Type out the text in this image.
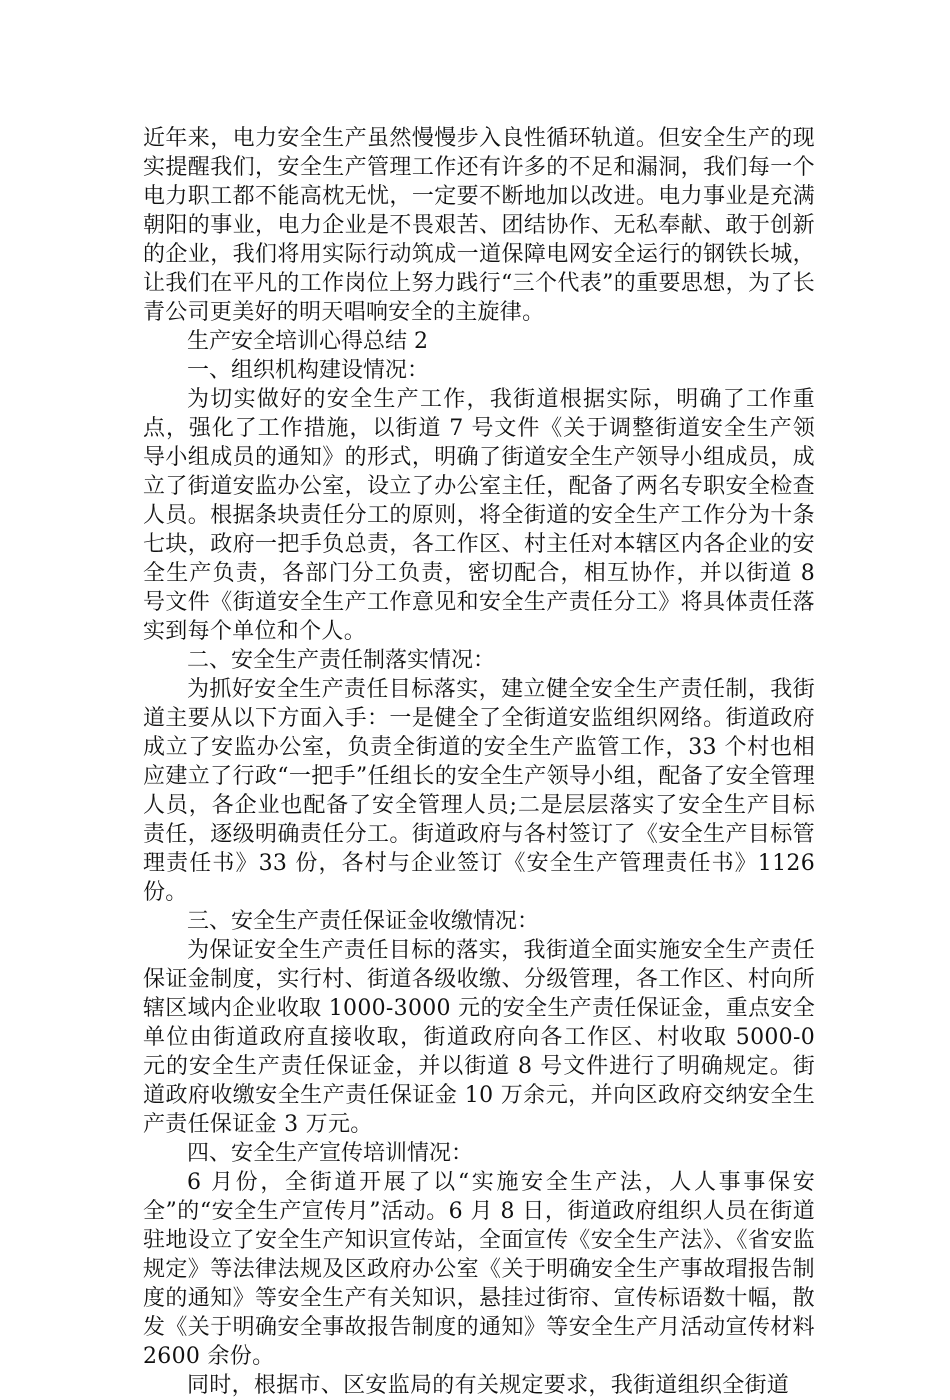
近年来，电力安全生产虽然慢慢步入良性循环轨道。但安全生产的现实提醒我们，安全生产管理工作还有许多的不足和漏洞，我们每一个电力职工都不能高枕无忧，一定要不断地加以改进。电力事业是充满朝阳的事业，电力企业是不畏艰苦、团结协作、无私奉献、敢于创新的企业，我们将用实际行动筑成一道保障电网安全运行的钢铁长城，让我们在平凡的工作岗位上努力践行“三个代表”的重要思想，为了长青公司更美好的明天唱响安全的主旋律。

生产安全培训心得总结 2

一、组织机构建设情况：

为切实做好的安全生产工作，我街道根据实际，明确了工作重点，强化了工作措施，以街道 7 号文件《关于调整街道安全生产领导小组成员的通知》的形式，明确了街道安全生产领导小组成员，成立了街道安监办公室，设立了办公室主任，配备了两名专职安全检查人员。根据条块责任分工的原则，将全街道的安全生产工作分为十条七块，政府一把手负总责，各工作区、村主任对本辖区内各企业的安全生产负责，各部门分工负责，密切配合，相互协作，并以街道 8 号文件《街道安全生产工作意见和安全生产责任分工》将具体责任落实到每个单位和个人。

二、安全生产责任制落实情况：

为抓好安全生产责任目标落实，建立健全安全生产责任制，我街道主要从以下方面入手：一是健全了全街道安监组织网络。街道政府成立了安监办公室，负责全街道的安全生产监管工作，33 个村也相应建立了行政“一把手”任组长的安全生产领导小组，配备了安全管理人员，各企业也配备了安全管理人员;二是层层落实了安全生产目标责任，逐级明确责任分工。街道政府与各村签订了《安全生产目标管理责任书》33 份，各村与企业签订《安全生产管理责任书》1126 份。

三、安全生产责任保证金收缴情况：

为保证安全生产责任目标的落实，我街道全面实施安全生产责任保证金制度，实行村、街道各级收缴、分级管理，各工作区、村向所辖区域内企业收取 1000-3000 元的安全生产责任保证金，重点安全单位由街道政府直接收取，街道政府向各工作区、村收取 5000-0 元的安全生产责任保证金，并以街道 8 号文件进行了明确规定。街道政府收缴安全生产责任保证金 10 万余元，并向区政府交纳安全生产责任保证金 3 万元。

四、安全生产宣传培训情况：

6 月份，全街道开展了以“实施安全生产法，人人事事保安全”的“安全生产宣传月”活动。6 月 8 日，街道政府组织人员在街道驻地设立了安全生产知识宣传站，全面宣传《安全生产法》、《省安监规定》等法律法规及区政府办公室《关于明确安全生产事故瑁报告制度的通知》等安全生产有关知识，悬挂过街帘、宣传标语数十幅，散发《关于明确安全事故报告制度的通知》等安全生产月活动宣传材料 2600 余份。

同时，根据市、区安监局的有关规定要求，我街道组织全街道
